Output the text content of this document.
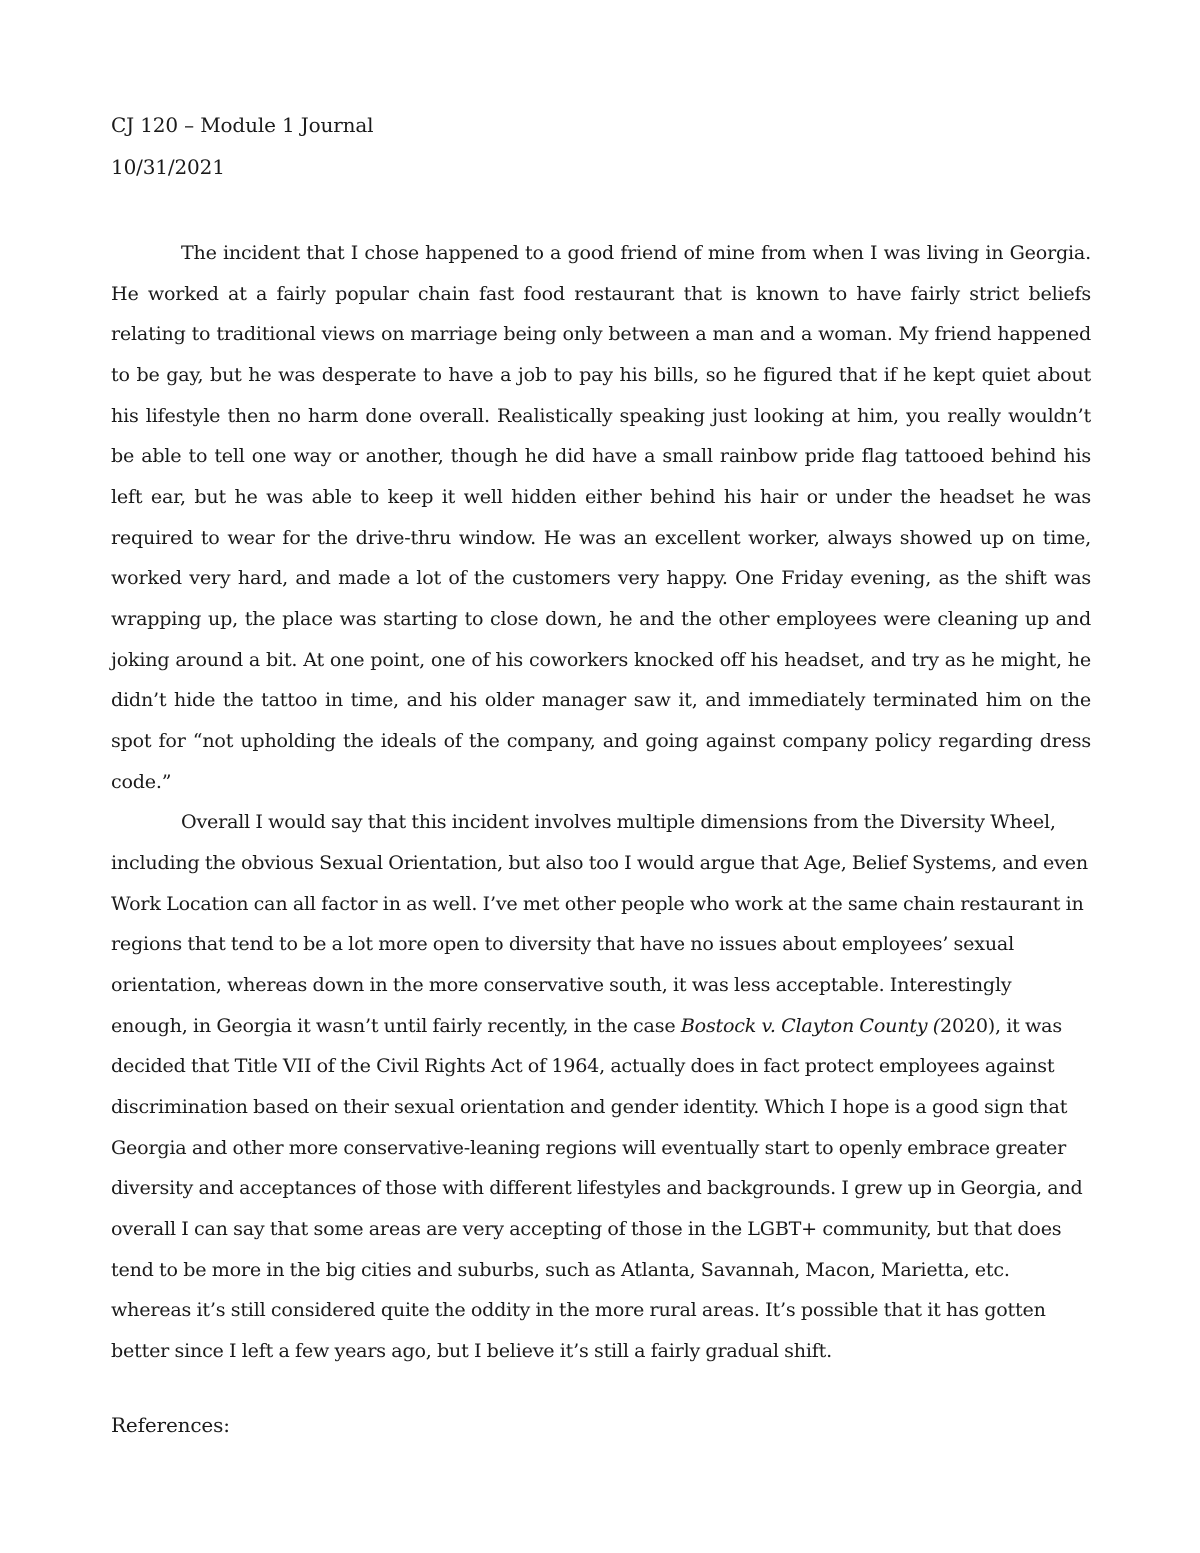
CJ 120 – Module 1 Journal
10/31/2021

The incident that I chose happened to a good friend of mine from when I was living in Georgia. He worked at a fairly popular chain fast food restaurant that is known to have fairly strict beliefs relating to traditional views on marriage being only between a man and a woman. My friend happened to be gay, but he was desperate to have a job to pay his bills, so he figured that if he kept quiet about his lifestyle then no harm done overall. Realistically speaking just looking at him, you really wouldn’t be able to tell one way or another, though he did have a small rainbow pride flag tattooed behind his left ear, but he was able to keep it well hidden either behind his hair or under the headset he was required to wear for the drive-thru window. He was an excellent worker, always showed up on time, worked very hard, and made a lot of the customers very happy. One Friday evening, as the shift was wrapping up, the place was starting to close down, he and the other employees were cleaning up and joking around a bit. At one point, one of his coworkers knocked off his headset, and try as he might, he didn’t hide the tattoo in time, and his older manager saw it, and immediately terminated him on the spot for “not upholding the ideals of the company, and going against company policy regarding dress code.”

Overall I would say that this incident involves multiple dimensions from the Diversity Wheel, including the obvious Sexual Orientation, but also too I would argue that Age, Belief Systems, and even Work Location can all factor in as well. I’ve met other people who work at the same chain restaurant in regions that tend to be a lot more open to diversity that have no issues about employees’ sexual orientation, whereas down in the more conservative south, it was less acceptable. Interestingly enough, in Georgia it wasn’t until fairly recently, in the case Bostock v. Clayton County (2020), it was decided that Title VII of the Civil Rights Act of 1964, actually does in fact protect employees against discrimination based on their sexual orientation and gender identity. Which I hope is a good sign that Georgia and other more conservative-leaning regions will eventually start to openly embrace greater diversity and acceptances of those with different lifestyles and backgrounds. I grew up in Georgia, and overall I can say that some areas are very accepting of those in the LGBT+ community, but that does tend to be more in the big cities and suburbs, such as Atlanta, Savannah, Macon, Marietta, etc. whereas it’s still considered quite the oddity in the more rural areas. It’s possible that it has gotten better since I left a few years ago, but I believe it’s still a fairly gradual shift.

References:
